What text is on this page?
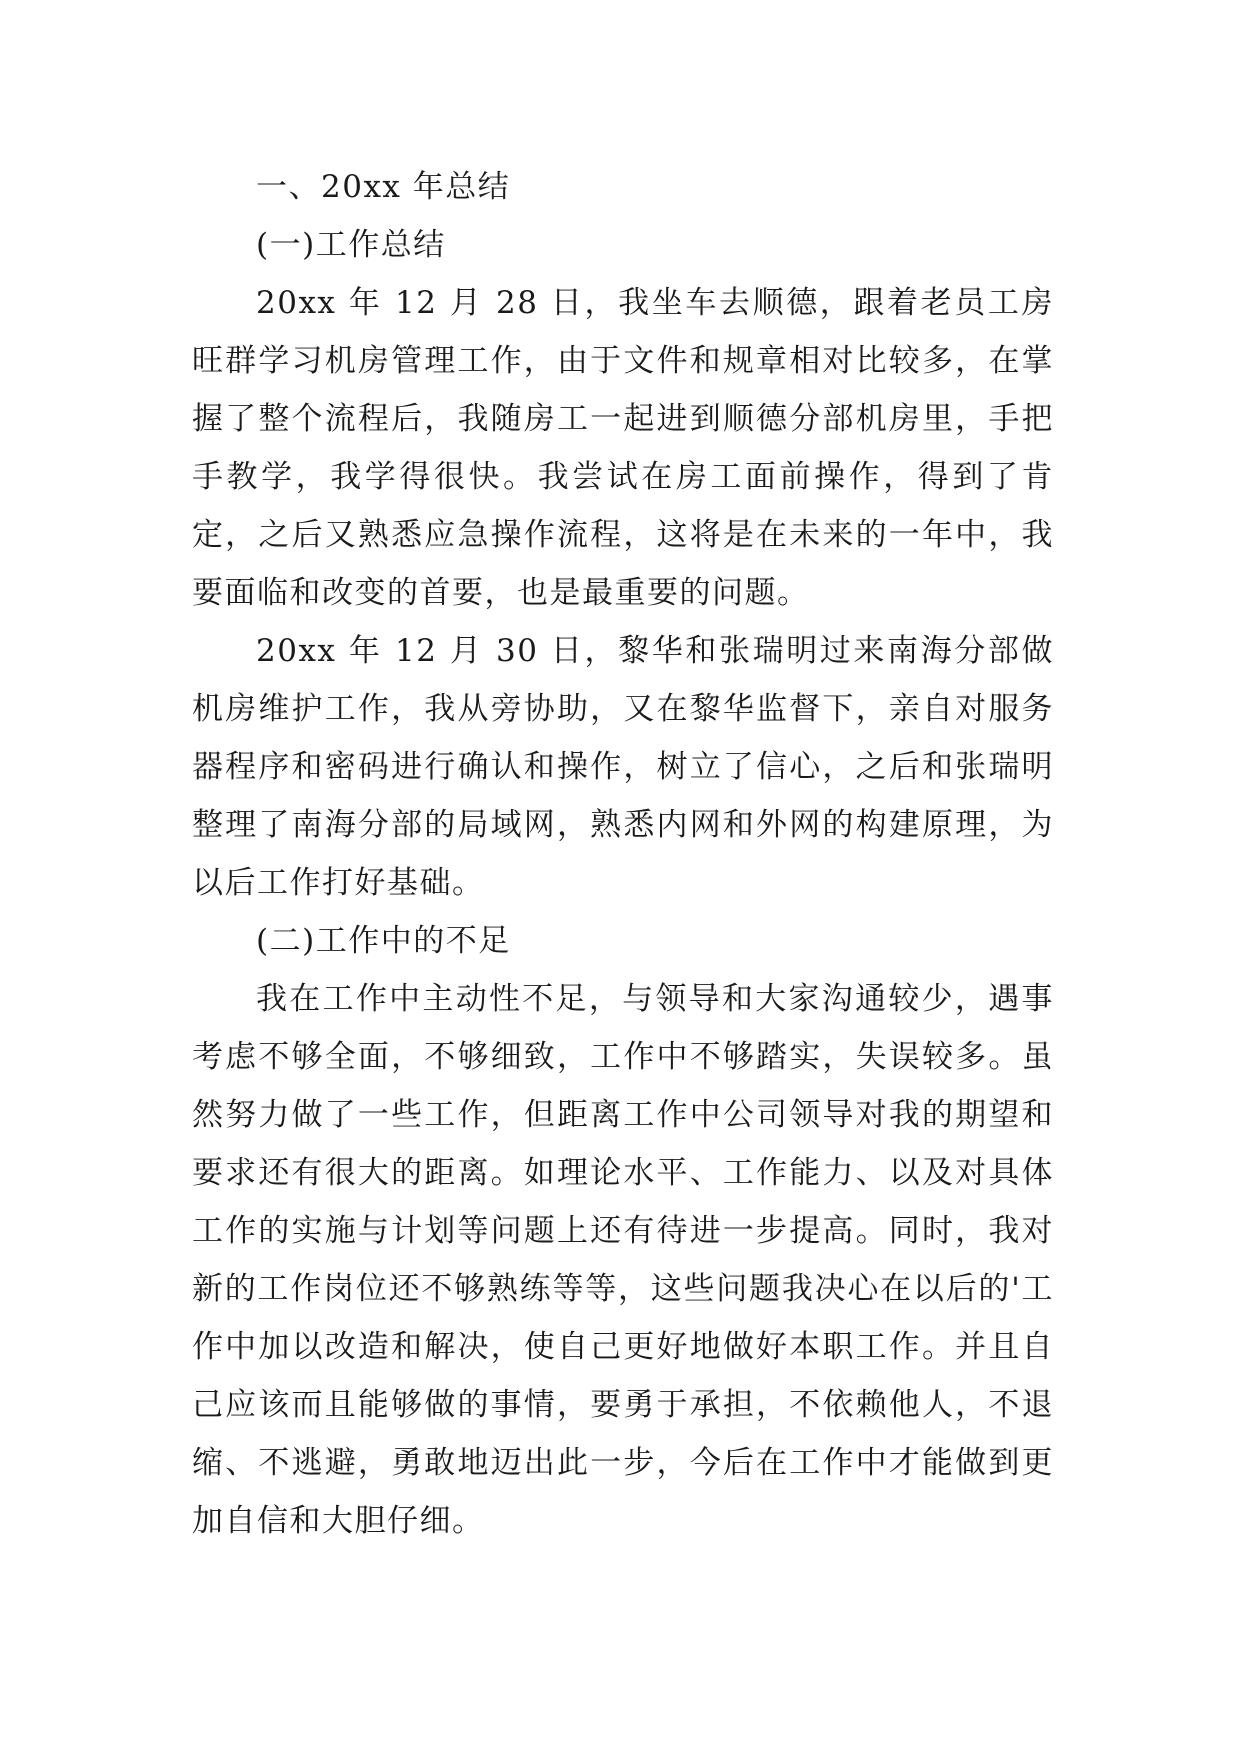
一、20xx 年总结

(一)工作总结

20xx 年 12 月 28 日，我坐车去顺德，跟着老员工房旺群学习机房管理工作，由于文件和规章相对比较多，在掌握了整个流程后，我随房工一起进到顺德分部机房里，手把手教学，我学得很快。我尝试在房工面前操作，得到了肯定，之后又熟悉应急操作流程，这将是在未来的一年中，我要面临和改变的首要，也是最重要的问题。

20xx 年 12 月 30 日，黎华和张瑞明过来南海分部做机房维护工作，我从旁协助，又在黎华监督下，亲自对服务器程序和密码进行确认和操作，树立了信心，之后和张瑞明整理了南海分部的局域网，熟悉内网和外网的构建原理，为以后工作打好基础。

(二)工作中的不足

我在工作中主动性不足，与领导和大家沟通较少，遇事考虑不够全面，不够细致，工作中不够踏实，失误较多。虽然努力做了一些工作，但距离工作中公司领导对我的期望和要求还有很大的距离。如理论水平、工作能力、以及对具体工作的实施与计划等问题上还有待进一步提高。同时，我对新的工作岗位还不够熟练等等，这些问题我决心在以后的'工作中加以改造和解决，使自己更好地做好本职工作。并且自己应该而且能够做的事情，要勇于承担，不依赖他人，不退缩、不逃避，勇敢地迈出此一步，今后在工作中才能做到更加自信和大胆仔细。
